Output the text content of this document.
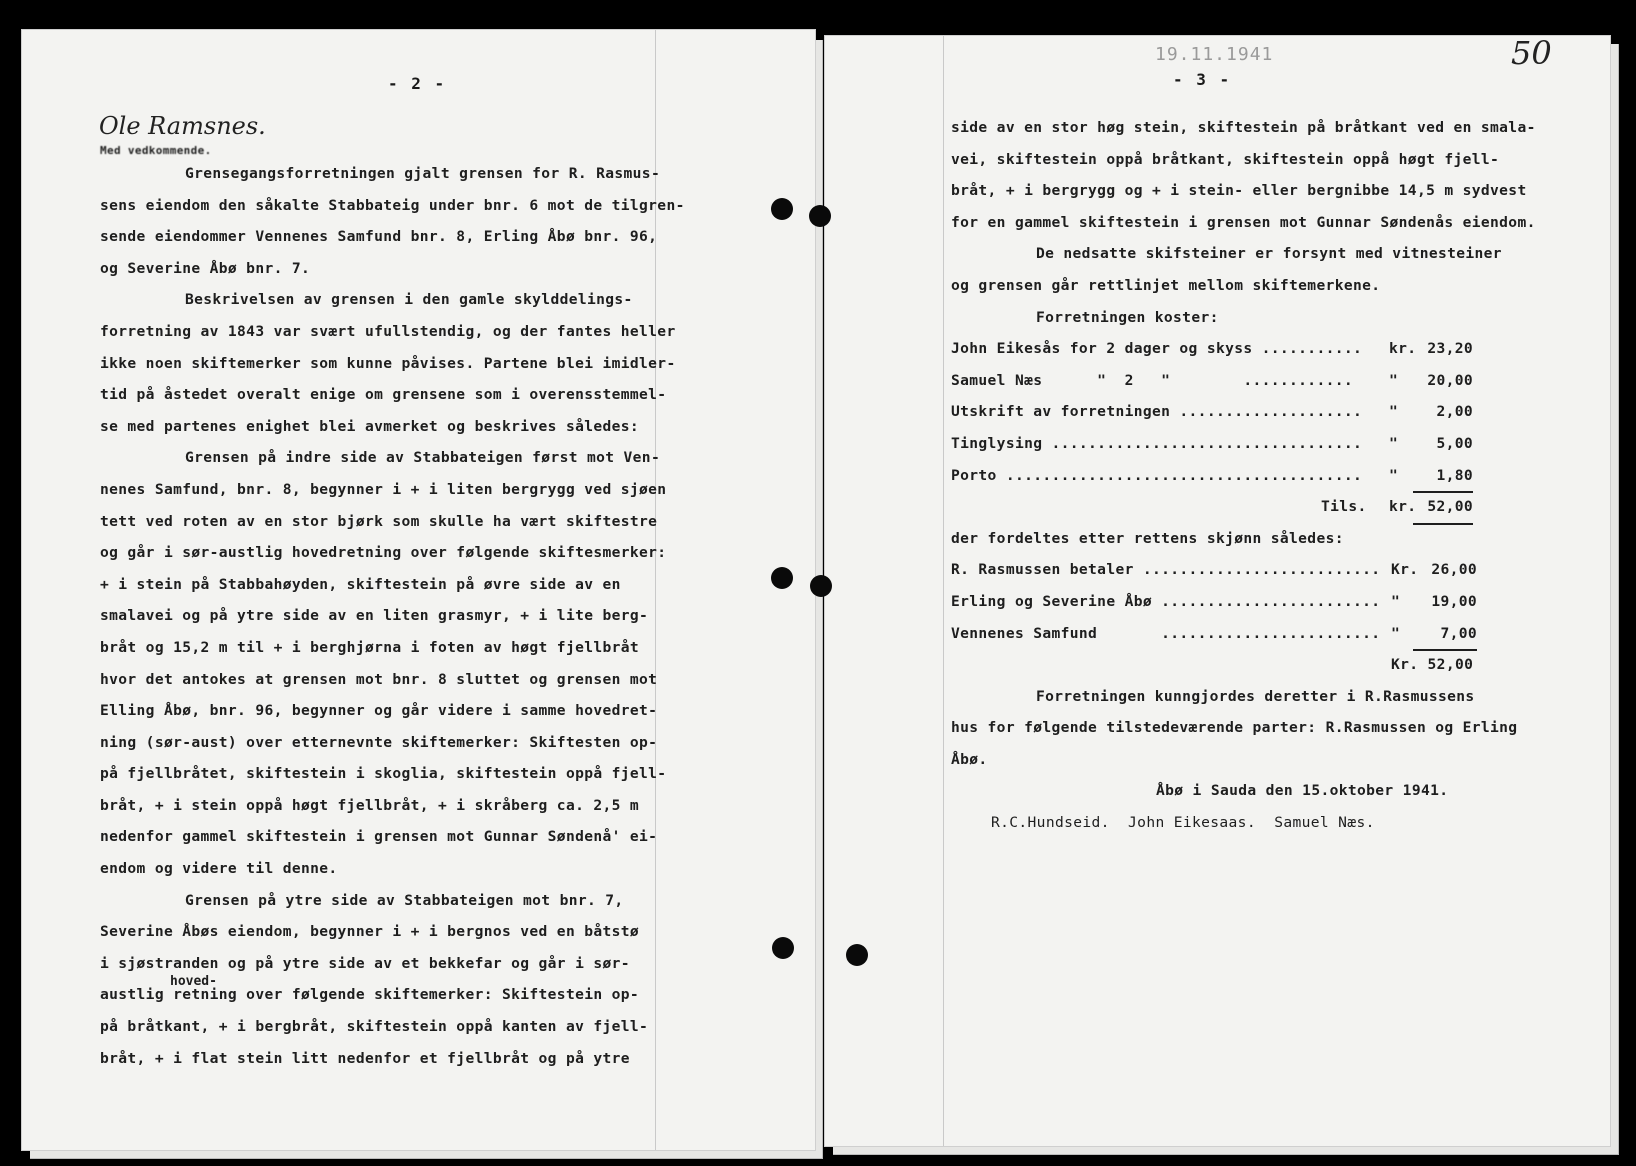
- 2 -
Ole Ramsnes.
Med vedkommende.
hoved-

Grensegangsforretningen gjalt grensen for R. Rasmus-

sens eiendom den såkalte Stabbateig under bnr. 6 mot de tilgren-

sende eiendommer Vennenes Samfund bnr. 8, Erling Åbø bnr. 96,

og Severine Åbø bnr. 7.

Beskrivelsen av grensen i den gamle skylddelings-

forretning av 1843 var svært ufullstendig, og der fantes heller

ikke noen skiftemerker som kunne påvises. Partene blei imidler-

tid på åstedet overalt enige om grensene som i overensstemmel-

se med partenes enighet blei avmerket og beskrives således:

Grensen på indre side av Stabbateigen først mot Ven-

nenes Samfund, bnr. 8, begynner i + i liten bergrygg ved sjøen

tett ved roten av en stor bjørk som skulle ha vært skiftestre

og går i sør-austlig hovedretning over følgende skiftesmerker:

+ i stein på Stabbahøyden, skiftestein på øvre side av en

smalavei og på ytre side av en liten grasmyr, + i lite berg-

bråt og 15,2 m til + i berghjørna i foten av høgt fjellbråt

hvor det antokes at grensen mot bnr. 8 sluttet og grensen mot

Elling Åbø, bnr. 96, begynner og går videre i samme hovedret-

ning (sør-aust) over etternevnte skiftemerker: Skiftesten op-

på fjellbråtet, skiftestein i skoglia, skiftestein oppå fjell-

bråt, + i stein oppå høgt fjellbråt, + i skråberg ca. 2,5 m

nedenfor gammel skiftestein i grensen mot Gunnar Søndenå' ei-

endom og videre til denne.

Grensen på ytre side av Stabbateigen mot bnr. 7,

Severine Åbøs eiendom, begynner i + i bergnos ved en båtstø

i sjøstranden og på ytre side av et bekkefar og går i sør-

austlig retning over følgende skiftemerker: Skiftestein op-

på bråtkant, + i bergbråt, skiftestein oppå kanten av fjell-

bråt, + i flat stein litt nedenfor et fjellbråt og på ytre

19.11.1941	50
- 3 -

side av en stor høg stein, skiftestein på bråtkant ved en smala-

vei, skiftestein oppå bråtkant, skiftestein oppå høgt fjell-

bråt, + i bergrygg og + i stein- eller bergnibbe 14,5 m sydvest

for en gammel skiftestein i grensen mot Gunnar Søndenås eiendom.

De nedsatte skifsteiner er forsynt med vitnesteiner

og grensen går rettlinjet mellom skiftemerkene.

Forretningen koster:

John Eikesås for 2 dager og skyss ........... kr. 23,20
Samuel Næs      "  2   "        ............ "	20,00
Utskrift av forretningen .................... "	2,00
Tinglysing .................................. "	5,00
Porto ....................................... "	1,80
Tils. kr. 52,00

der fordeltes etter rettens skjønn således:

R. Rasmussen betaler .......................... Kr. 26,00
Erling og Severine Åbø ........................ "	19,00
Vennenes Samfund       ........................ "	7,00
Kr. 52,00

Forretningen kunngjordes deretter i R.Rasmussens

hus for følgende tilstedeværende parter: R.Rasmussen og Erling

Åbø.

Åbø i Sauda den 15.oktober 1941.

R.C.Hundseid.  John Eikesaas.  Samuel Næs.
